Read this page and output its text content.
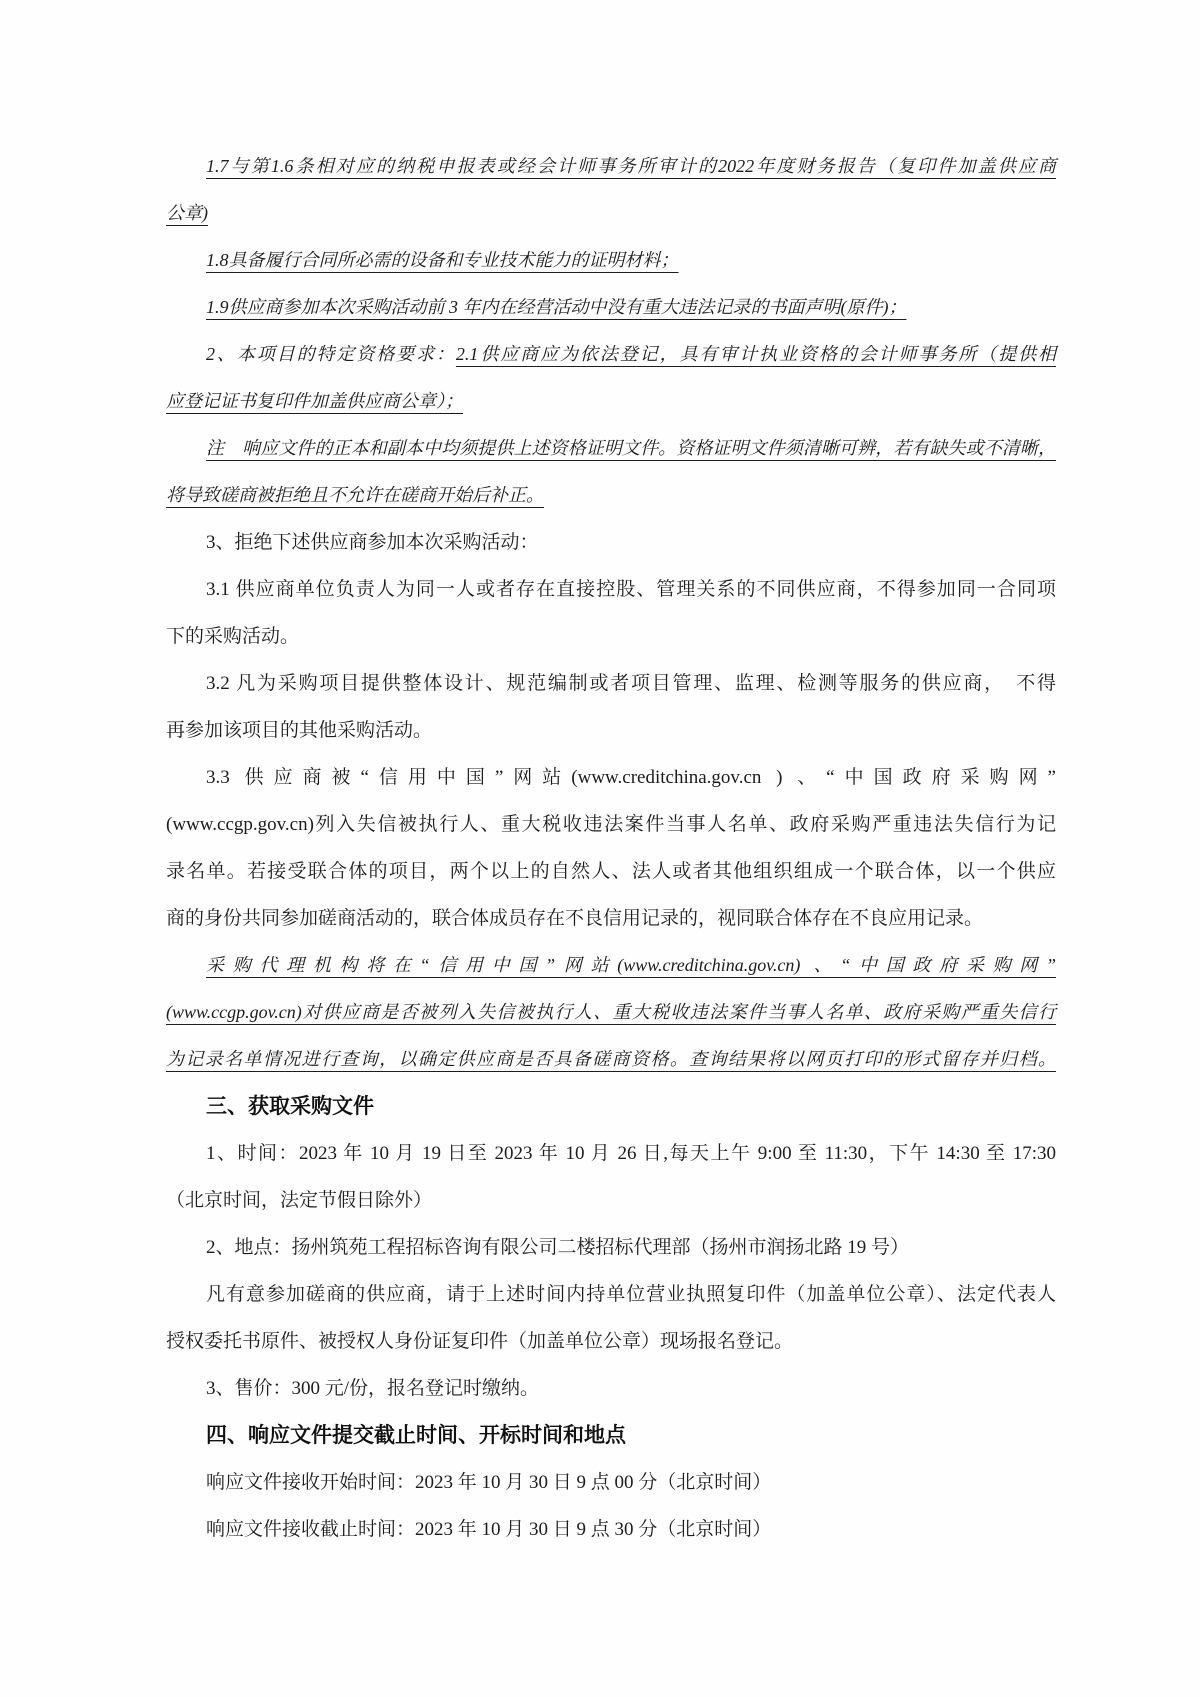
1.7与第1.6条相对应的纳税申报表或经会计师事务所审计的2022年度财务报告（复印件加盖供应商
公章)
1.8具备履行合同所必需的设备和专业技术能力的证明材料；
1.9供应商参加本次采购活动前 3 年内在经营活动中没有重大违法记录的书面声明(原件)；
2、本项目的特定资格要求：2.1供应商应为依法登记，具有审计执业资格的会计师事务所（提供相
应登记证书复印件加盖供应商公章）；
注　响应文件的正本和副本中均须提供上述资格证明文件。资格证明文件须清晰可辨，若有缺失或不清晰，
将导致磋商被拒绝且不允许在磋商开始后补正。
3、拒绝下述供应商参加本次采购活动：
3.1 供应商单位负责人为同一人或者存在直接控股、管理关系的不同供应商，不得参加同一合同项
下的采购活动。
3.2 凡为采购项目提供整体设计、规范编制或者项目管理、监理、检测等服务的供应商，　不得
再参加该项目的其他采购活动。
3.3 供应商被“信用中国”网站(www.creditchina.gov.cn ) 、“中国政府采购网”
(www.ccgp.gov.cn)列入失信被执行人、重大税收违法案件当事人名单、政府采购严重违法失信行为记
录名单。若接受联合体的项目，两个以上的自然人、法人或者其他组织组成一个联合体，以一个供应
商的身份共同参加磋商活动的，联合体成员存在不良信用记录的，视同联合体存在不良应用记录。
采购代理机构将在“信用中国”网站(www.creditchina.gov.cn) 、“中国政府采购网”
(www.ccgp.gov.cn)对供应商是否被列入失信被执行人、重大税收违法案件当事人名单、政府采购严重失信行
为记录名单情况进行查询，以确定供应商是否具备磋商资格。查询结果将以网页打印的形式留存并归档。
三、获取采购文件
1、时间：2023 年 10 月 19 日至 2023 年 10 月 26 日,每天上午 9:00 至 11:30，下午 14:30 至 17:30
（北京时间，法定节假日除外）
2、地点：扬州筑苑工程招标咨询有限公司二楼招标代理部（扬州市润扬北路 19 号）
凡有意参加磋商的供应商，请于上述时间内持单位营业执照复印件（加盖单位公章）、法定代表人
授权委托书原件、被授权人身份证复印件（加盖单位公章）现场报名登记。
3、售价：300 元/份，报名登记时缴纳。
四、响应文件提交截止时间、开标时间和地点
响应文件接收开始时间：2023 年 10 月 30 日 9 点 00 分（北京时间）
响应文件接收截止时间：2023 年 10 月 30 日 9 点 30 分（北京时间）
